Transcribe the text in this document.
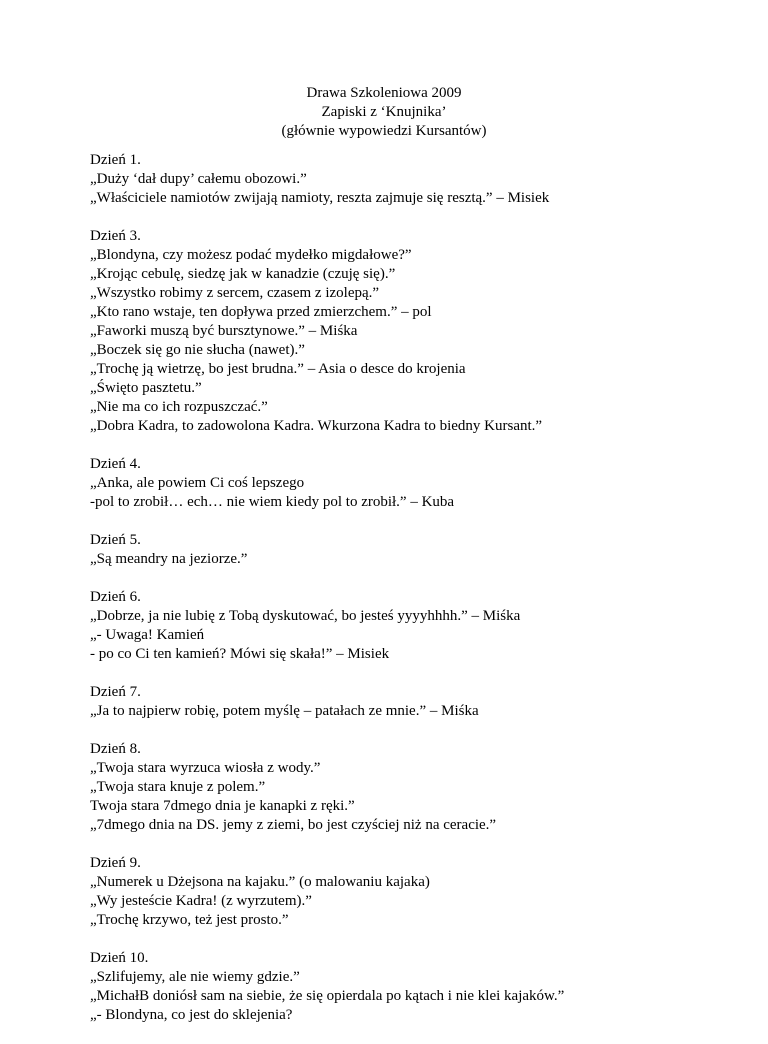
Drawa Szkoleniowa 2009
Zapiski z ‘Knujnika’
(głównie wypowiedzi Kursantów)
Dzień 1.
„Duży ‘dał dupy’ całemu obozowi.”
„Właściciele namiotów zwijają namioty, reszta zajmuje się resztą.” – Misiek
Dzień 3.
„Blondyna, czy możesz podać mydełko migdałowe?”
„Krojąc cebulę, siedzę jak w kanadzie (czuję się).”
„Wszystko robimy z sercem, czasem z izolepą.”
„Kto rano wstaje, ten dopływa przed zmierzchem.” – pol
„Faworki muszą być bursztynowe.” – Miśka
„Boczek się go nie słucha (nawet).”
„Trochę ją wietrzę, bo jest brudna.” – Asia o desce do krojenia
„Święto pasztetu.”
„Nie ma co ich rozpuszczać.”
„Dobra Kadra, to zadowolona Kadra. Wkurzona Kadra to biedny Kursant.”
Dzień 4.
„Anka, ale powiem Ci coś lepszego
-pol to zrobił… ech… nie wiem kiedy pol to zrobił.” – Kuba
Dzień 5.
„Są meandry na jeziorze.”
Dzień 6.
„Dobrze, ja nie lubię z Tobą dyskutować, bo jesteś yyyyhhhh.” – Miśka
„- Uwaga! Kamień
- po co Ci ten kamień? Mówi się skała!” – Misiek
Dzień 7.
„Ja to najpierw robię, potem myślę – patałach ze mnie.” – Miśka
Dzień 8.
„Twoja stara wyrzuca wiosła z wody.”
„Twoja stara knuje z polem.”
Twoja stara 7dmego dnia je kanapki z ręki.”
„7dmego dnia na DS. jemy z ziemi, bo jest czyściej niż na ceracie.”
Dzień 9.
„Numerek u Dżejsona na kajaku.” (o malowaniu kajaka)
„Wy jesteście Kadra! (z wyrzutem).”
„Trochę krzywo, też jest prosto.”
Dzień 10.
„Szlifujemy, ale nie wiemy gdzie.”
„MichałB doniósł sam na siebie, że się opierdala po kątach i nie klei kajaków.”
„- Blondyna, co jest do sklejenia?
